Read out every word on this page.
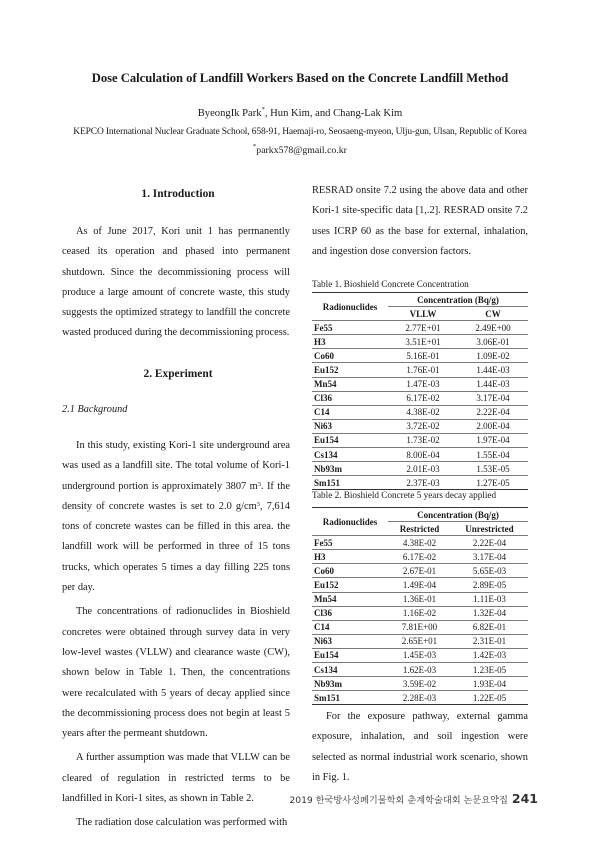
Dose Calculation of Landfill Workers Based on the Concrete Landfill Method
ByeongIk Park*, Hun Kim, and Chang-Lak Kim
KEPCO International Nuclear Graduate School, 658-91, Haemaji-ro, Seosaeng-myeon, Ulju-gun, Ulsan, Republic of Korea
*parkx578@gmail.co.kr
1. Introduction

As of June 2017, Kori unit 1 has permanently ceased its operation and phased into permanent shutdown. Since the decommissioning process will produce a large amount of concrete waste, this study suggests the optimized strategy to landfill the concrete wasted produced during the decommissioning process.

2. Experiment
2.1 Background

In this study, existing Kori-1 site underground area was used as a landfill site. The total volume of Kori-1 underground portion is approximately 3807 $m^3$. If the density of concrete wastes is set to 2.0 $g/cm^3$, 7,614 tons of concrete wastes can be filled in this area. the landfill work will be performed in three of 15 tons trucks, which operates 5 times a day filling 225 tons per day.

The concentrations of radionuclides in Bioshield concretes were obtained through survey data in very low-level wastes (VLLW) and clearance waste (CW), shown below in Table 1. Then, the concentrations were recalculated with 5 years of decay applied since the decommissioning process does not begin at least 5 years after the permeant shutdown.

A further assumption was made that VLLW can be cleared of regulation in restricted terms to be landfilled in Kori-1 sites, as shown in Table 2.

The radiation dose calculation was performed with

RESRAD onsite 7.2 using the above data and other Kori-1 site-specific data [1,.2]. RESRAD onsite 7.2 uses ICRP 60 as the base for external, inhalation, and ingestion dose conversion factors.

Table 1. Bioshield Concrete Concentration
Radionuclides	Concentration (Bq/g)	
	VLLW	CW
Fe55	2.77E+01	2.49E+00
H3	3.51E+01	3.06E-01
Co60	5.16E-01	1.09E-02
Eu152	1.76E-01	1.44E-03
Mn54	1.47E-03	1.44E-03
Cl36	6.17E-02	3.17E-04
C14	4.38E-02	2.22E-04
Ni63	3.72E-02	2.00E-04
Eu154	1.73E-02	1.97E-04
Cs134	8.00E-04	1.55E-04
Nb93m	2.01E-03	1.53E-05
Sm151	2.37E-03	1.27E-05
Table 2. Bioshield Concrete 5 years decay applied
Radionuclides	Concentration (Bq/g)	
	Restricted	Unrestricted
Fe55	4.38E-02	2.22E-04
H3	6.17E-02	3.17E-04
Co60	2.67E-01	5.65E-03
Eu152	1.49E-04	2.89E-05
Mn54	1.36E-01	1.11E-03
Cl36	1.16E-02	1.32E-04
C14	7.81E+00	6.82E-01
Ni63	2.65E+01	2.31E-01
Eu154	1.45E-03	1.42E-03
Cs134	1.62E-03	1.23E-05
Nb93m	3.59E-02	1.93E-04
Sm151	2.28E-03	1.22E-05

For the exposure pathway, external gamma exposure, inhalation, and soil ingestion were selected as normal industrial work scenario, shown in Fig. 1.

2019 한국방사성폐기물학회 춘계학술대회 논문요약집 241
